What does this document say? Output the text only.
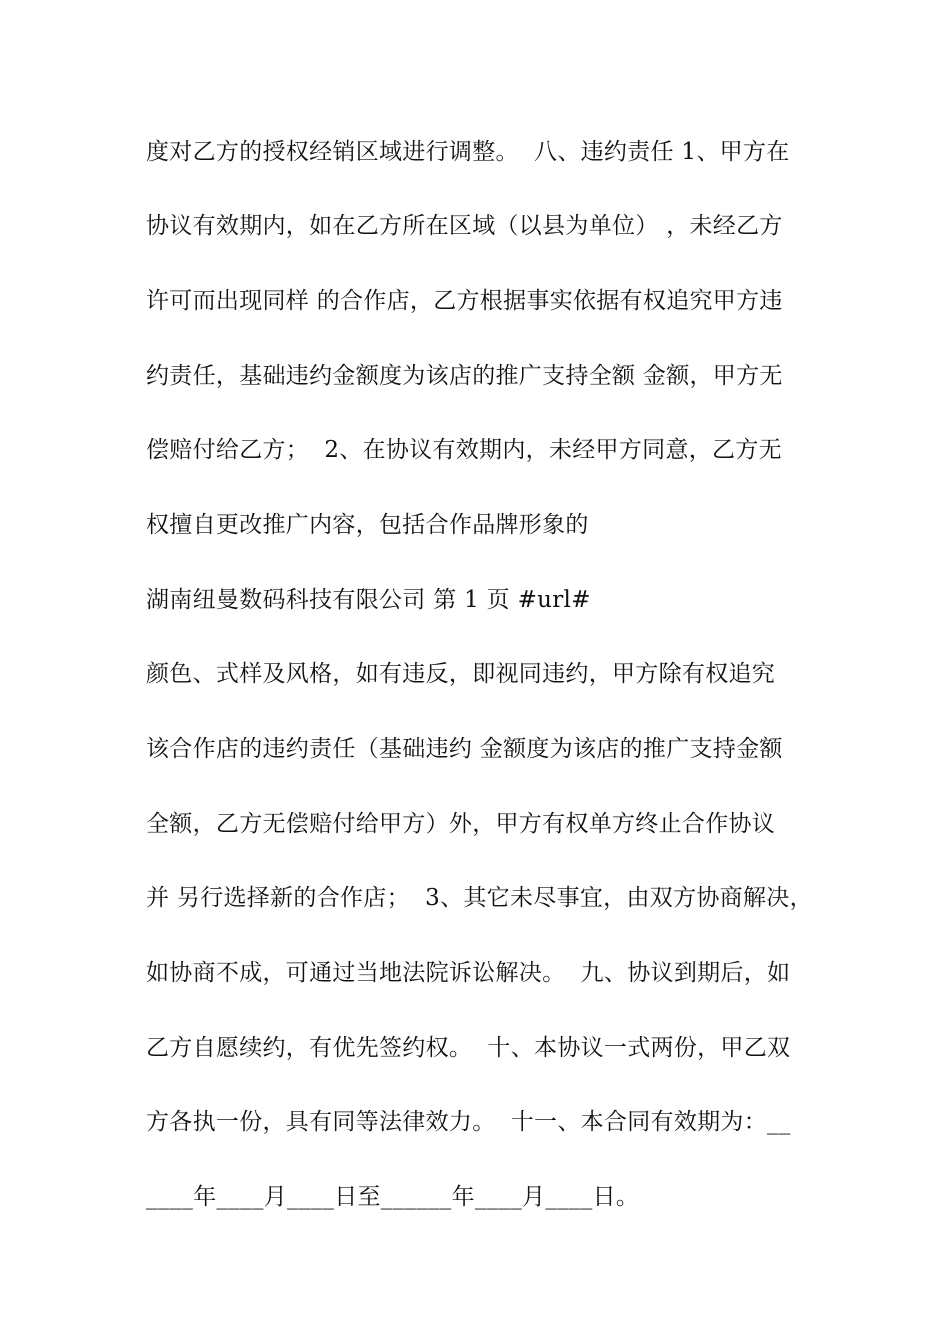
度对乙方的授权经销区域进行调整。  八、违约责任 1、甲方在
协议有效期内，如在乙方所在区域（以县为单位） ，未经乙方
许可而出现同样 的合作店，乙方根据事实依据有权追究甲方违
约责任，基础违约金额度为该店的推广支持全额 金额，甲方无
偿赔付给乙方；  2、在协议有效期内，未经甲方同意，乙方无
权擅自更改推广内容，包括合作品牌形象的
湖南纽曼数码科技有限公司 第 1 页 #url#
颜色、式样及风格，如有违反，即视同违约，甲方除有权追究
该合作店的违约责任（基础违约 金额度为该店的推广支持金额
全额，乙方无偿赔付给甲方）外，甲方有权单方终止合作协议
并 另行选择新的合作店；  3、其它未尽事宜，由双方协商解决，
如协商不成，可通过当地法院诉讼解决。  九、协议到期后，如
乙方自愿续约，有优先签约权。  十、本协议一式两份，甲乙双
方各执一份，具有同等法律效力。  十一、本合同有效期为：__
____年____月____日至______年____月____日。
